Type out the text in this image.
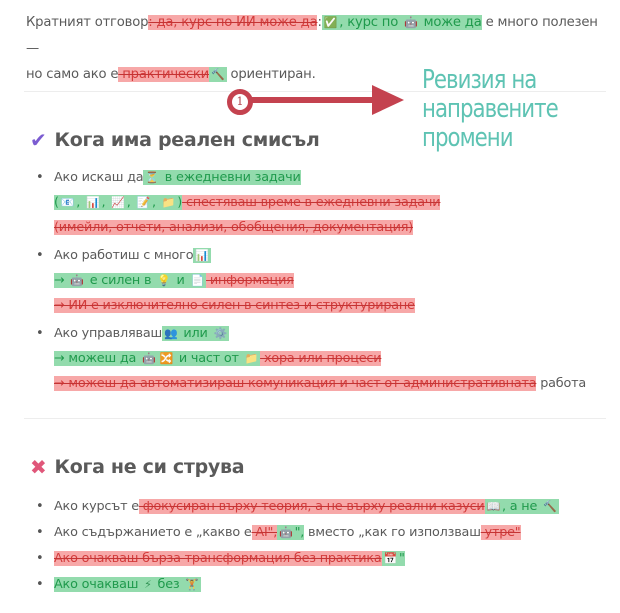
Кратният отговор: да, курс по ИИ може да: ✅ , курс по 🤖 може да е много полезен —
но само ако е практически 🔨 ориентиран.
1
Ревизия на
направените
промени
✔ Кога има реален смисъл
• Ако искаш да ⏳ в ежедневни задачи
( 📧 , 📊 , 📈 , 📝 , 📁 ) спестяваш време в ежедневни задачи
(имейли, отчети, анализи, обобщения, документация)
• Ако работиш с много 📊
→ 🤖 е силен в 💡 и 📄 информация
→ ИИ е изключително силен в синтез и структуриране
• Ако управляваш 👥 или ⚙️
→ можеш да 🤖 🔀 и част от 📁 хора или процеси
→ можеш да автоматизираш комуникация и част от административната работа
✖ Кога не си струва
• Ако курсът е фокусиран върху теория, а не върху реални казуси 📖 , а не 🔨
• Ако съдържанието е „какво е AI", 🤖 ", вместо „как го използваш утре"
• Ако очакваш бърза трансформация без практика 📅 "
• Ако очакваш ⚡ без 🏋️
